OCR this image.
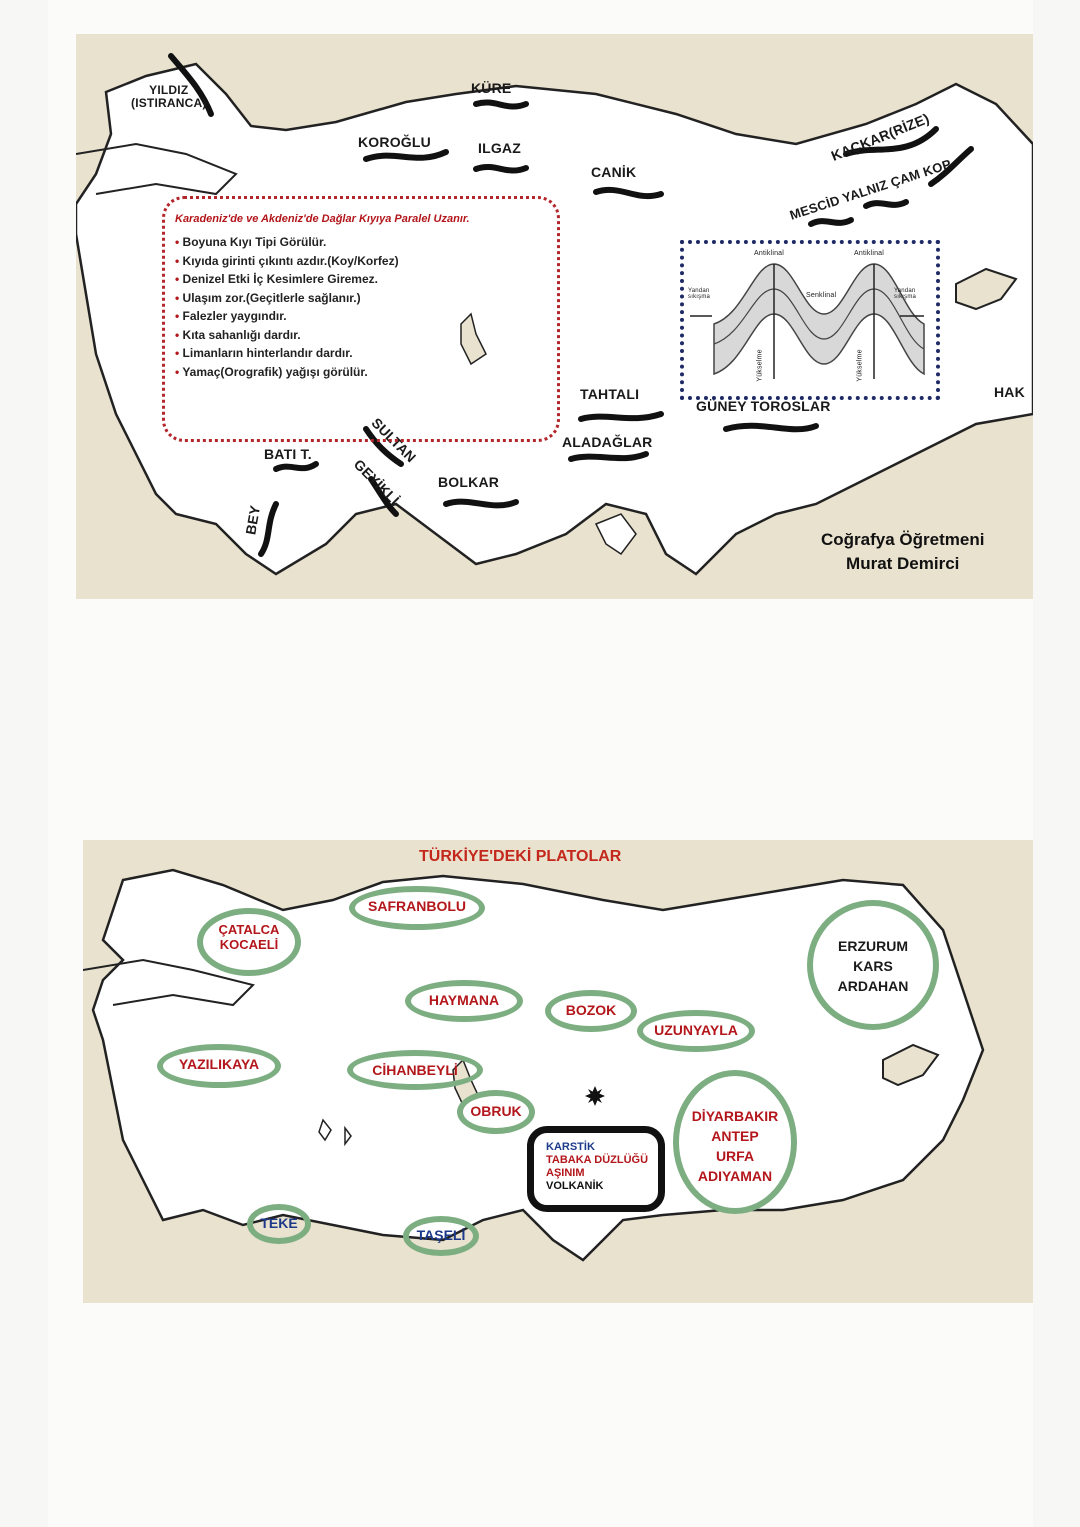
YILDIZ
(ISTIRANCA)
KÜRE
KOROĞLU	ILGAZ
CANİK
KAÇKAR(RİZE)
MESCİD YALNIZ ÇAM KOP
TAHTALI
ALADAĞLAR
GÜNEY TOROSLAR
HAK
BATI T.	SULTAN
GEYİKLİ	BOLKAR
BEY
Karadeniz'de ve Akdeniz'de Dağlar Kıyıya Paralel Uzanır.
• Boyuna Kıyı Tipi Görülür.
• Kıyıda girinti çıkıntı azdır.(Koy/Korfez)
• Denizel Etki İç Kesimlere Giremez.
• Ulaşım zor.(Geçitlerle sağlanır.)
• Falezler yaygındır.
• Kıta sahanlığı dardır.
• Limanların hinterlandır dardır.
• Yamaç(Orografik) yağışı görülür.
Antiklinal	Antiklinal
Senklinal
Yandan sıkışma
Yandan sıkışma
Yükselme	Yükselme
Coğrafya Öğretmeni
Murat Demirci
TÜRKİYE'DEKİ PLATOLAR
SAFRANBOLU
ÇATALCA
KOCAELİ	ERZURUM
KARS
ARDAHAN
HAYMANA
BOZOK
UZUNYAYLA
YAZILIKAYA	CİHANBEYLİ
OBRUK	DİYARBAKIR
ANTEP
URFA
ADIYAMAN
TEKE
TAŞELİ
KARSTİK
TABAKA DÜZLÜĞÜ
AŞINIM
VOLKANİK
